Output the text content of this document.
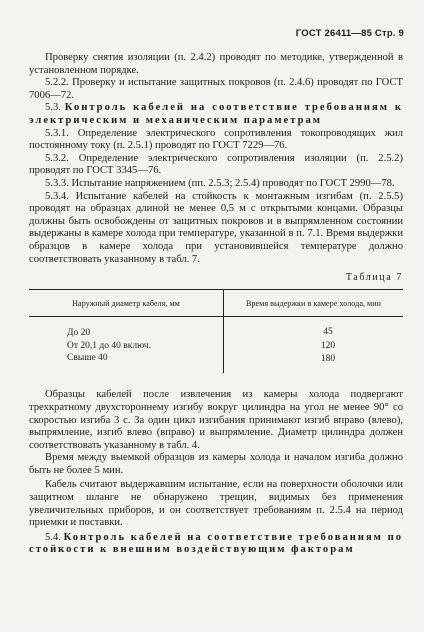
ГОСТ 26411—85 Стр. 9

Проверку снятия изоляции (п. 2.4.2) проводят по методике, утвержденной в установленном порядке.

5.2.2. Проверку и испытание защитных покровов (п. 2.4.6) проводят по ГОСТ 7006—72.

5.3. Контроль кабелей на соответствие требованиям к электрическим и механическим параметрам

5.3.1. Определение электрического сопротивления токопроводящих жил постоянному току (п. 2.5.1) проводят по ГОСТ 7229—76.

5.3.2. Определение электрического сопротивления изоляции (п. 2.5.2) проводят по ГОСТ 3345—76.

5.3.3. Испытание напряжением (пп. 2.5.3; 2.5.4) проводят по ГОСТ 2990—78.

5.3.4. Испытание кабелей на стойкость к монтажным изгибам (п. 2.5.5) проводят на образцах длиной не менее 0,5 м с открытыми концами. Образцы должны быть освобождены от защитных покровов и в выпрямленном состоянии выдержаны в камере холода при температуре, указанной в п. 7.1. Время выдержки образцов в камере холода при установившейся температуре должно соответствовать указанному в табл. 7.

Таблица 7
Наружный диаметр кабеля, мм	Время выдержки в камере холода, мин
До 20	45
От 20,1 до 40 включ.	120
Свыше 40	180

Образцы кабелей после извлечения из камеры холода подвергают трехкратному двухстороннему изгибу вокруг цилиндра на угол не менее 90° со скоростью изгиба 3 с. За один цикл изгибания принимают изгиб вправо (влево), выпрямление, изгиб влево (вправо) и выпрямление. Диаметр цилиндра должен соответствовать указанному в табл. 4.

Время между выемкой образцов из камеры холода и началом изгиба должно быть не более 5 мин.

Кабель считают выдержавшим испытание, если на поверхности оболочки или защитном шланге не обнаружено трещин, видимых без применения увеличительных приборов, и он соответствует требованиям п. 2.5.4 на период приемки и поставки.

5.4. Контроль кабелей на соответствие требованиям по стойкости к внешним воздействующим факторам
